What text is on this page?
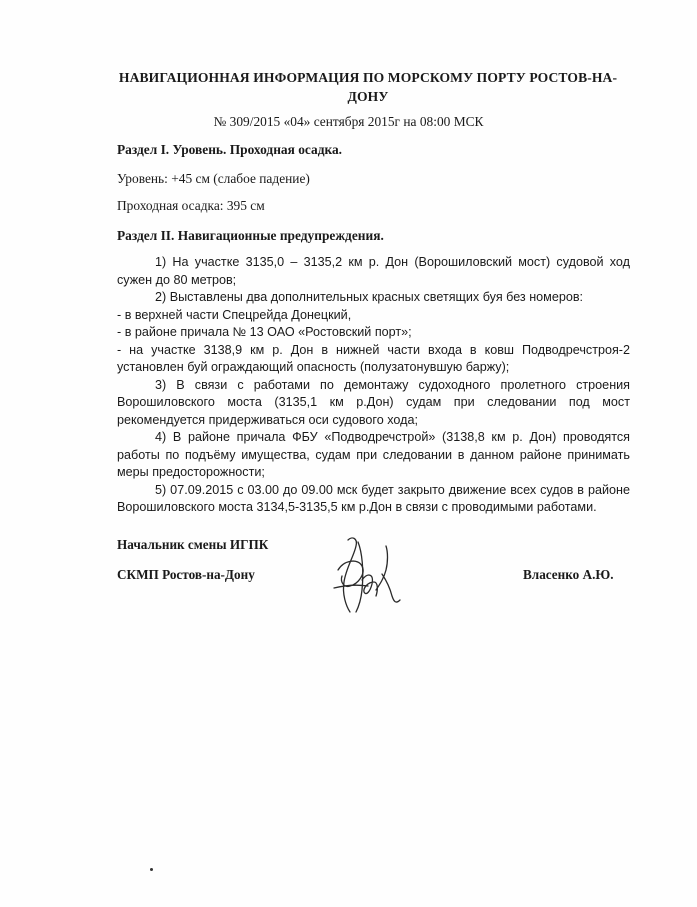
НАВИГАЦИОННАЯ ИНФОРМАЦИЯ ПО МОРСКОМУ ПОРТУ РОСТОВ-НА-
ДОНУ
№ 309/2015 «04» сентября 2015г на 08:00 МСК
Раздел I. Уровень. Проходная осадка.
Уровень: +45 см (слабое падение)
Проходная осадка: 395 см
Раздел II. Навигационные предупреждения.

1) На участке 3135,0 – 3135,2 км р. Дон (Ворошиловский мост) судовой ход сужен до 80 метров;

2) Выставлены два дополнительных красных светящих буя без номеров:

- в верхней части Спецрейда Донецкий,

- в районе причала № 13 ОАО «Ростовский порт»;

- на участке 3138,9 км р. Дон в нижней части входа в ковш Подводречстроя-2 установлен буй ограждающий опасность (полузатонувшую баржу);

3) В связи с работами по демонтажу судоходного пролетного строения Ворошиловского моста (3135,1 км р.Дон) судам при следовании под мост рекомендуется придерживаться оси судового хода;

4) В районе причала ФБУ «Подводречстрой» (3138,8 км р. Дон) проводятся работы по подъёму имущества, судам при следовании в данном районе принимать меры предосторожности;

5) 07.09.2015 с 03.00 до 09.00 мск будет закрыто движение всех судов в районе Ворошиловского моста 3134,5-3135,5 км р.Дон в связи с проводимыми работами.

Начальник смены ИГПК
СКМП Ростов-на-Дону	Власенко А.Ю.
